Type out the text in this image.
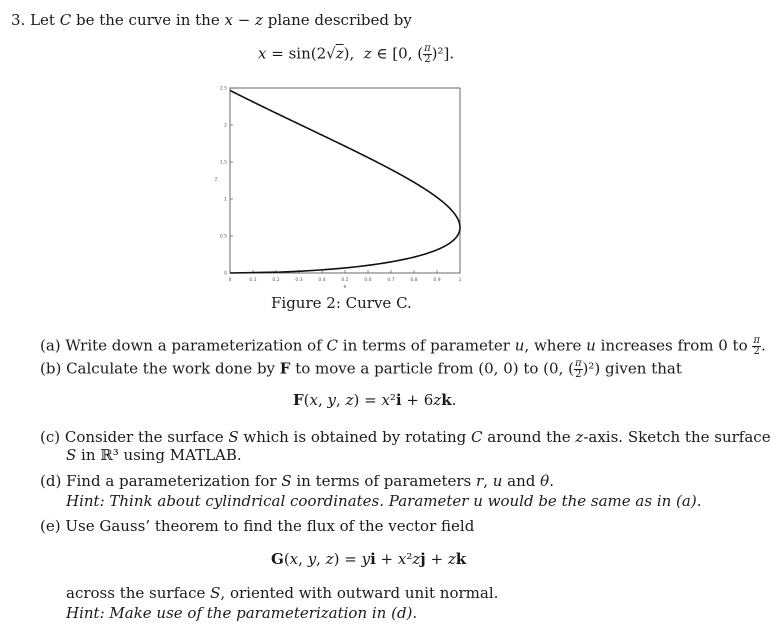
3. Let C be the curve in the x − z plane described by
x = sin(2√z),  z ∈ [0, ( $\frac{\pi}{2} )^2$].
0	0.1	0.2	0.3	0.4	0.5	0.6	0.7	0.8	0.9	1
0
0.5
1
1.5
2
2.5
x
z
Figure 2: Curve C.
(a) Write down a parameterization of C in terms of parameter u, where u increases from 0 to $\frac{\pi}{2}$ .
(b) Calculate the work done by F to move a particle from (0, 0) to (0, ( $\frac{\pi}{2} )^2$) given that
F(x, y, z) = x²i + 6zk.
(c) Consider the surface S which is obtained by rotating C around the z-axis. Sketch the surface
S in ℝ³ using MATLAB.
(d) Find a parameterization for S in terms of parameters r, u and θ.
Hint: Think about cylindrical coordinates. Parameter u would be the same as in (a).
(e) Use Gauss’ theorem to find the flux of the vector field
G(x, y, z) = yi + x²zj + zk
across the surface S, oriented with outward unit normal.
Hint: Make use of the parameterization in (d).
